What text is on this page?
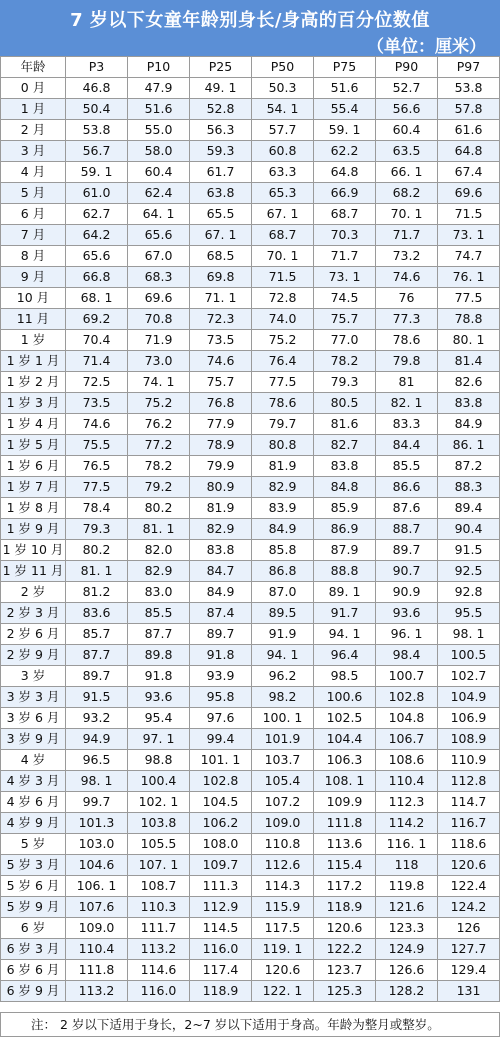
7 岁以下女童年龄别身长/身高的百分位数值
（单位：厘米）
年龄	P3	P10	P25	P50	P75	P90	P97
0 月	46.8	47.9	49. 1	50.3	51.6	52.7	53.8
1 月	50.4	51.6	52.8	54. 1	55.4	56.6	57.8
2 月	53.8	55.0	56.3	57.7	59. 1	60.4	61.6
3 月	56.7	58.0	59.3	60.8	62.2	63.5	64.8
4 月	59. 1	60.4	61.7	63.3	64.8	66. 1	67.4
5 月	61.0	62.4	63.8	65.3	66.9	68.2	69.6
6 月	62.7	64. 1	65.5	67. 1	68.7	70. 1	71.5
7 月	64.2	65.6	67. 1	68.7	70.3	71.7	73. 1
8 月	65.6	67.0	68.5	70. 1	71.7	73.2	74.7
9 月	66.8	68.3	69.8	71.5	73. 1	74.6	76. 1
10 月	68. 1	69.6	71. 1	72.8	74.5	76	77.5
11 月	69.2	70.8	72.3	74.0	75.7	77.3	78.8
1 岁	70.4	71.9	73.5	75.2	77.0	78.6	80. 1
1 岁 1 月	71.4	73.0	74.6	76.4	78.2	79.8	81.4
1 岁 2 月	72.5	74. 1	75.7	77.5	79.3	81	82.6
1 岁 3 月	73.5	75.2	76.8	78.6	80.5	82. 1	83.8
1 岁 4 月	74.6	76.2	77.9	79.7	81.6	83.3	84.9
1 岁 5 月	75.5	77.2	78.9	80.8	82.7	84.4	86. 1
1 岁 6 月	76.5	78.2	79.9	81.9	83.8	85.5	87.2
1 岁 7 月	77.5	79.2	80.9	82.9	84.8	86.6	88.3
1 岁 8 月	78.4	80.2	81.9	83.9	85.9	87.6	89.4
1 岁 9 月	79.3	81. 1	82.9	84.9	86.9	88.7	90.4
1 岁 10 月	80.2	82.0	83.8	85.8	87.9	89.7	91.5
1 岁 11 月	81. 1	82.9	84.7	86.8	88.8	90.7	92.5
2 岁	81.2	83.0	84.9	87.0	89. 1	90.9	92.8
2 岁 3 月	83.6	85.5	87.4	89.5	91.7	93.6	95.5
2 岁 6 月	85.7	87.7	89.7	91.9	94. 1	96. 1	98. 1
2 岁 9 月	87.7	89.8	91.8	94. 1	96.4	98.4	100.5
3 岁	89.7	91.8	93.9	96.2	98.5	100.7	102.7
3 岁 3 月	91.5	93.6	95.8	98.2	100.6	102.8	104.9
3 岁 6 月	93.2	95.4	97.6	100. 1	102.5	104.8	106.9
3 岁 9 月	94.9	97. 1	99.4	101.9	104.4	106.7	108.9
4 岁	96.5	98.8	101. 1	103.7	106.3	108.6	110.9
4 岁 3 月	98. 1	100.4	102.8	105.4	108. 1	110.4	112.8
4 岁 6 月	99.7	102. 1	104.5	107.2	109.9	112.3	114.7
4 岁 9 月	101.3	103.8	106.2	109.0	111.8	114.2	116.7
5 岁	103.0	105.5	108.0	110.8	113.6	116. 1	118.6
5 岁 3 月	104.6	107. 1	109.7	112.6	115.4	118	120.6
5 岁 6 月	106. 1	108.7	111.3	114.3	117.2	119.8	122.4
5 岁 9 月	107.6	110.3	112.9	115.9	118.9	121.6	124.2
6 岁	109.0	111.7	114.5	117.5	120.6	123.3	126
6 岁 3 月	110.4	113.2	116.0	119. 1	122.2	124.9	127.7
6 岁 6 月	111.8	114.6	117.4	120.6	123.7	126.6	129.4
6 岁 9 月	113.2	116.0	118.9	122. 1	125.3	128.2	131
注： 2 岁以下适用于身长，2~7 岁以下适用于身高。年龄为整月或整岁。
